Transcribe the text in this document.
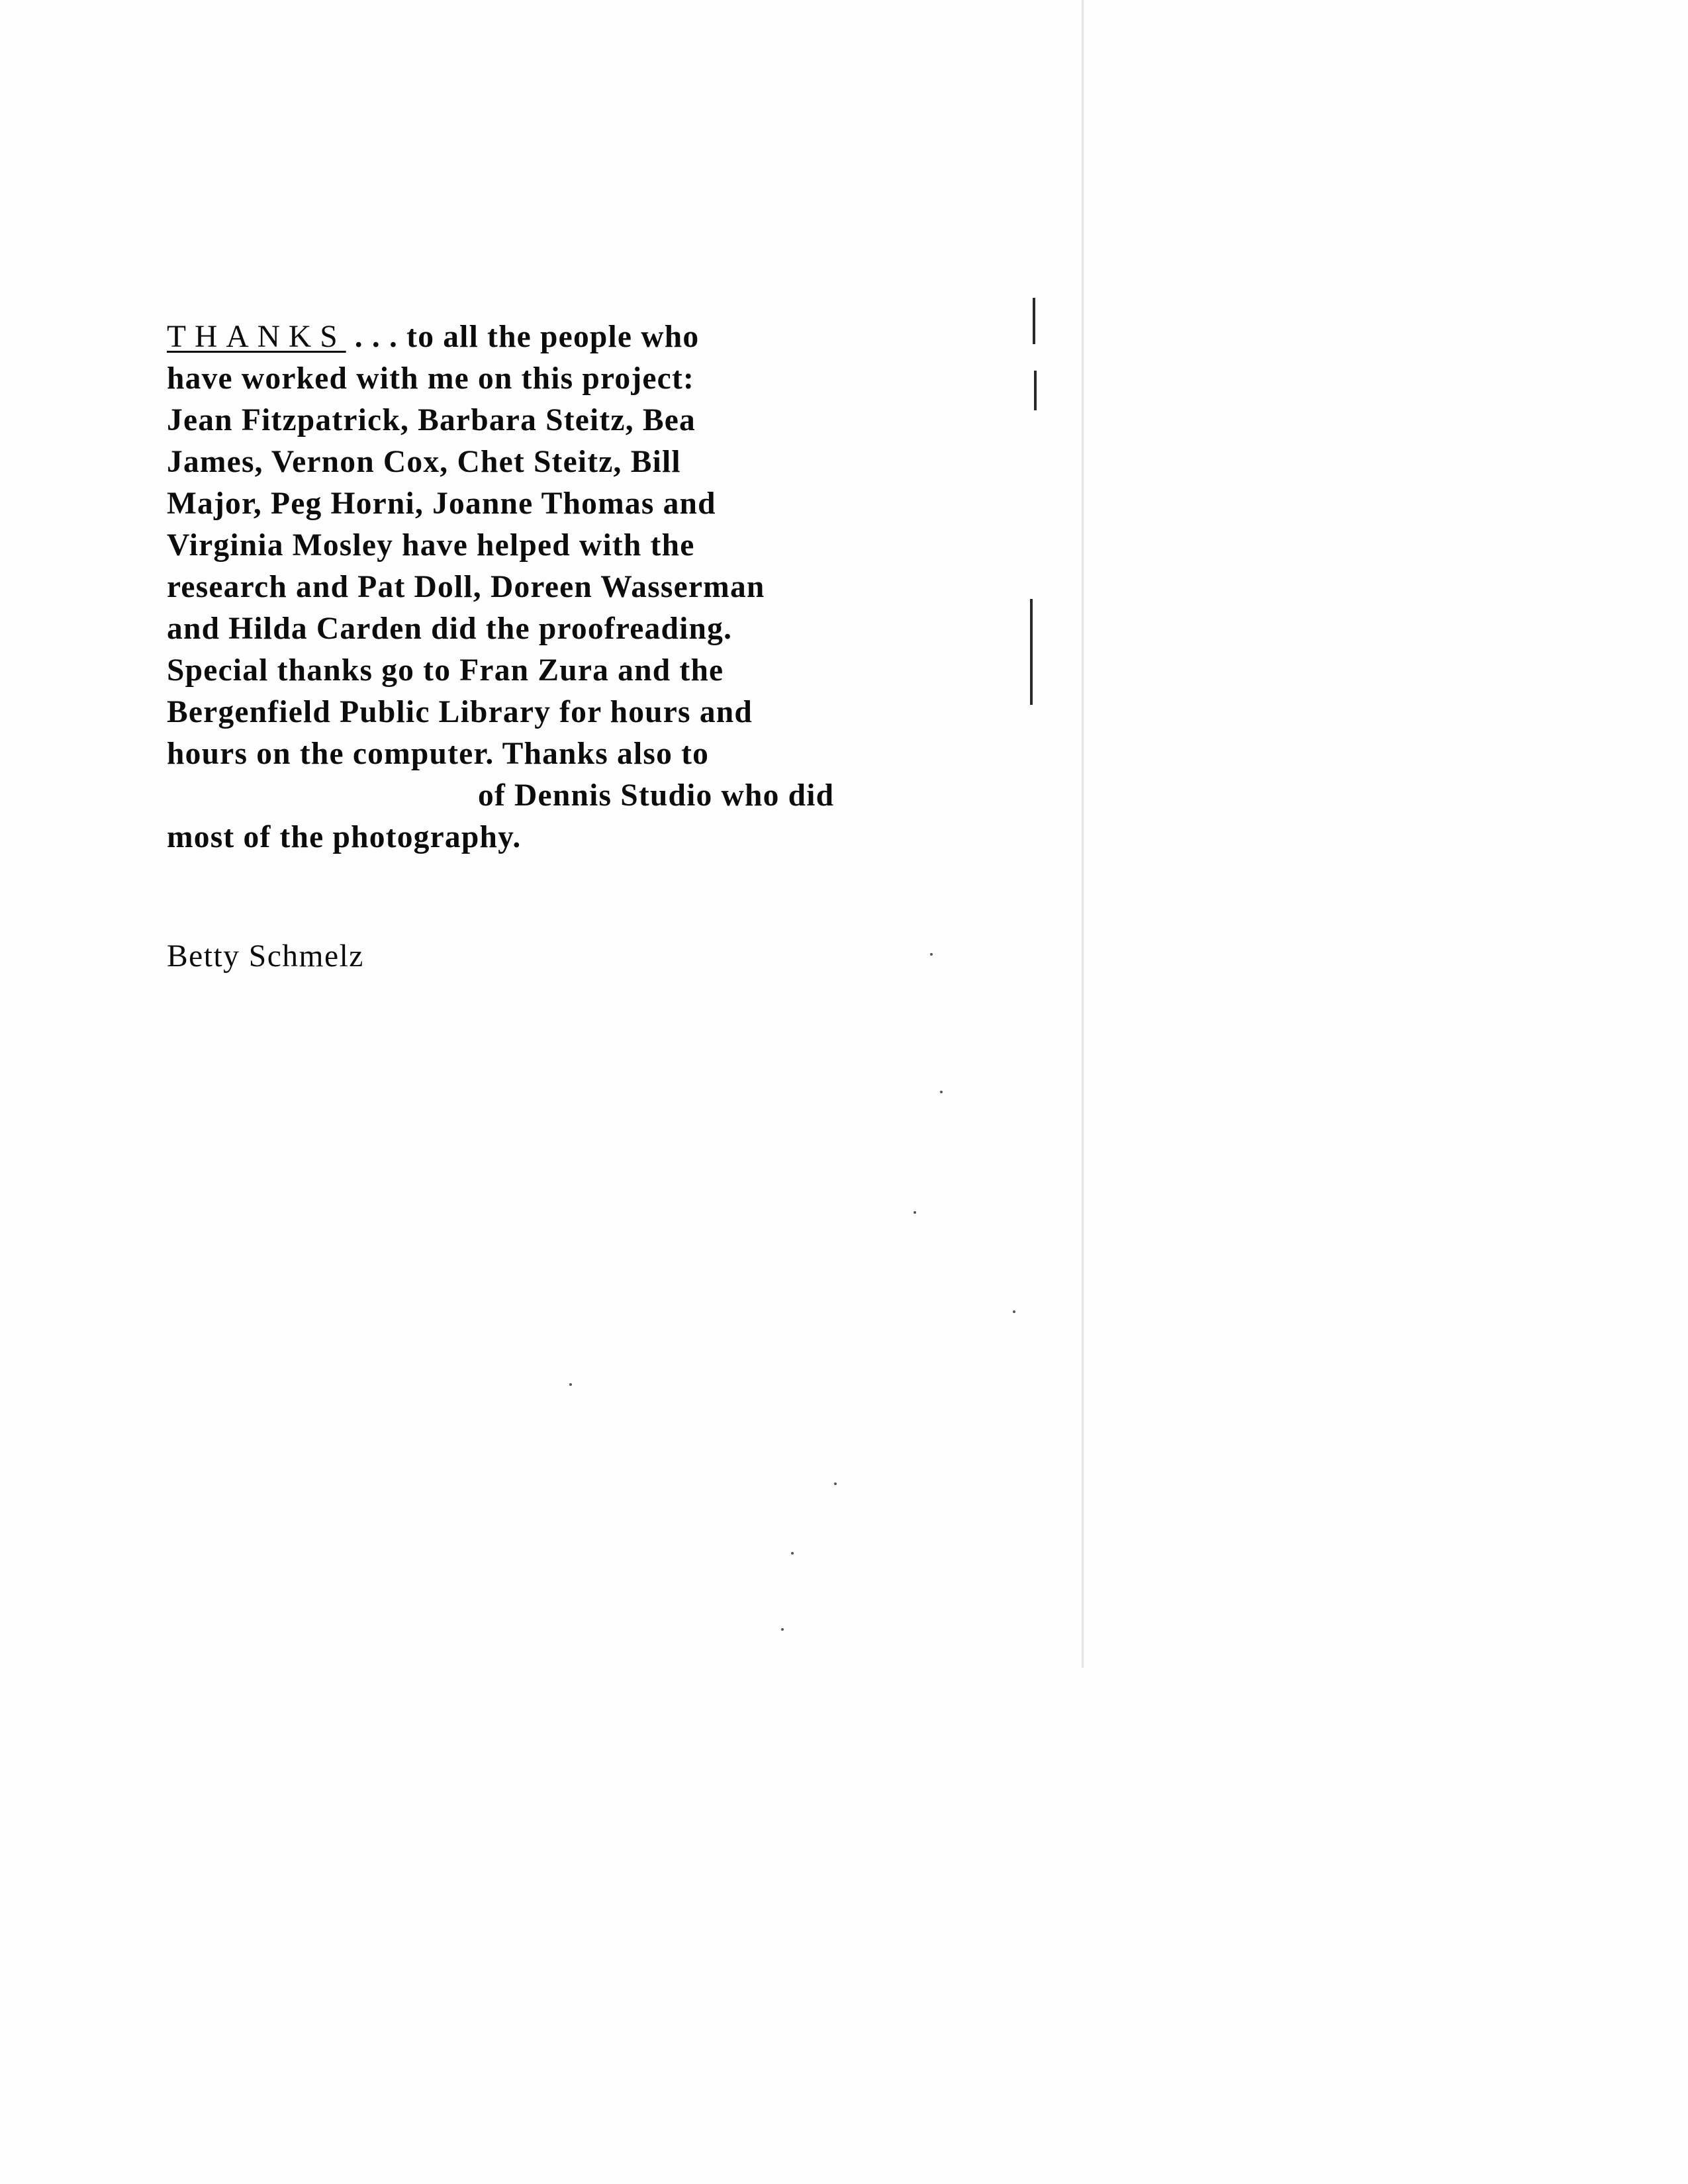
THANKS . . . to all the people who
have worked with me on this project:
Jean Fitzpatrick, Barbara Steitz, Bea
James, Vernon Cox, Chet Steitz, Bill
Major, Peg Horni, Joanne Thomas and
Virginia Mosley have helped with the
research and Pat Doll, Doreen Wasserman
and Hilda Carden did the proofreading.
Special thanks go to Fran Zura and the
Bergenfield Public Library for hours and
hours on the computer. Thanks also to
of Dennis Studio who did
most of the photography.
Betty Schmelz
